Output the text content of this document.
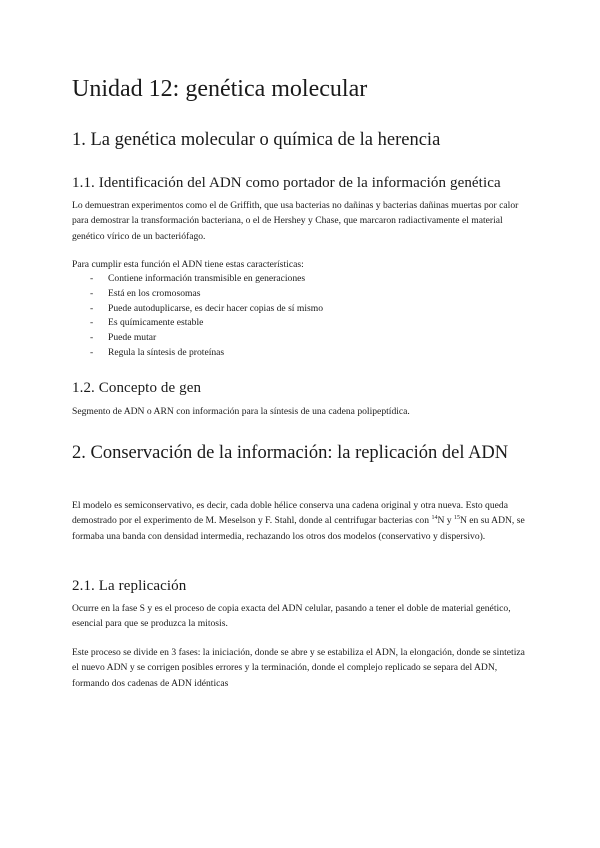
Unidad 12: genética molecular
1. La genética molecular o química de la herencia
1.1. Identificación del ADN como portador de la información genética

Lo demuestran experimentos como el de Griffith, que usa bacterias no dañinas y bacterias dañinas muertas por calor para demostrar la transformación bacteriana, o el de Hershey y Chase, que marcaron radiactivamente el material genético vírico de un bacteriófago.

Para cumplir esta función el ADN tiene estas características:

- Contiene información transmisible en generaciones
- Está en los cromosomas
- Puede autoduplicarse, es decir hacer copias de sí mismo
- Es químicamente estable
- Puede mutar
- Regula la síntesis de proteínas
1.2. Concepto de gen

Segmento de ADN o ARN con información para la síntesis de una cadena polipeptídica.

2. Conservación de la información: la replicación del ADN

El modelo es semiconservativo, es decir, cada doble hélice conserva una cadena original y otra nueva. Esto queda demostrado por el experimento de M. Meselson y F. Stahl, donde al centrifugar bacterias con $^{14}$N y $^{15}$N en su ADN, se formaba una banda con densidad intermedia, rechazando los otros dos modelos (conservativo y dispersivo).

2.1. La replicación

Ocurre en la fase S y es el proceso de copia exacta del ADN celular, pasando a tener el doble de material genético, esencial para que se produzca la mitosis.

Este proceso se divide en 3 fases: la iniciación, donde se abre y se estabiliza el ADN, la elongación, donde se sintetiza el nuevo ADN y se corrigen posibles errores y la terminación, donde el complejo replicado se separa del ADN, formando dos cadenas de ADN idénticas
